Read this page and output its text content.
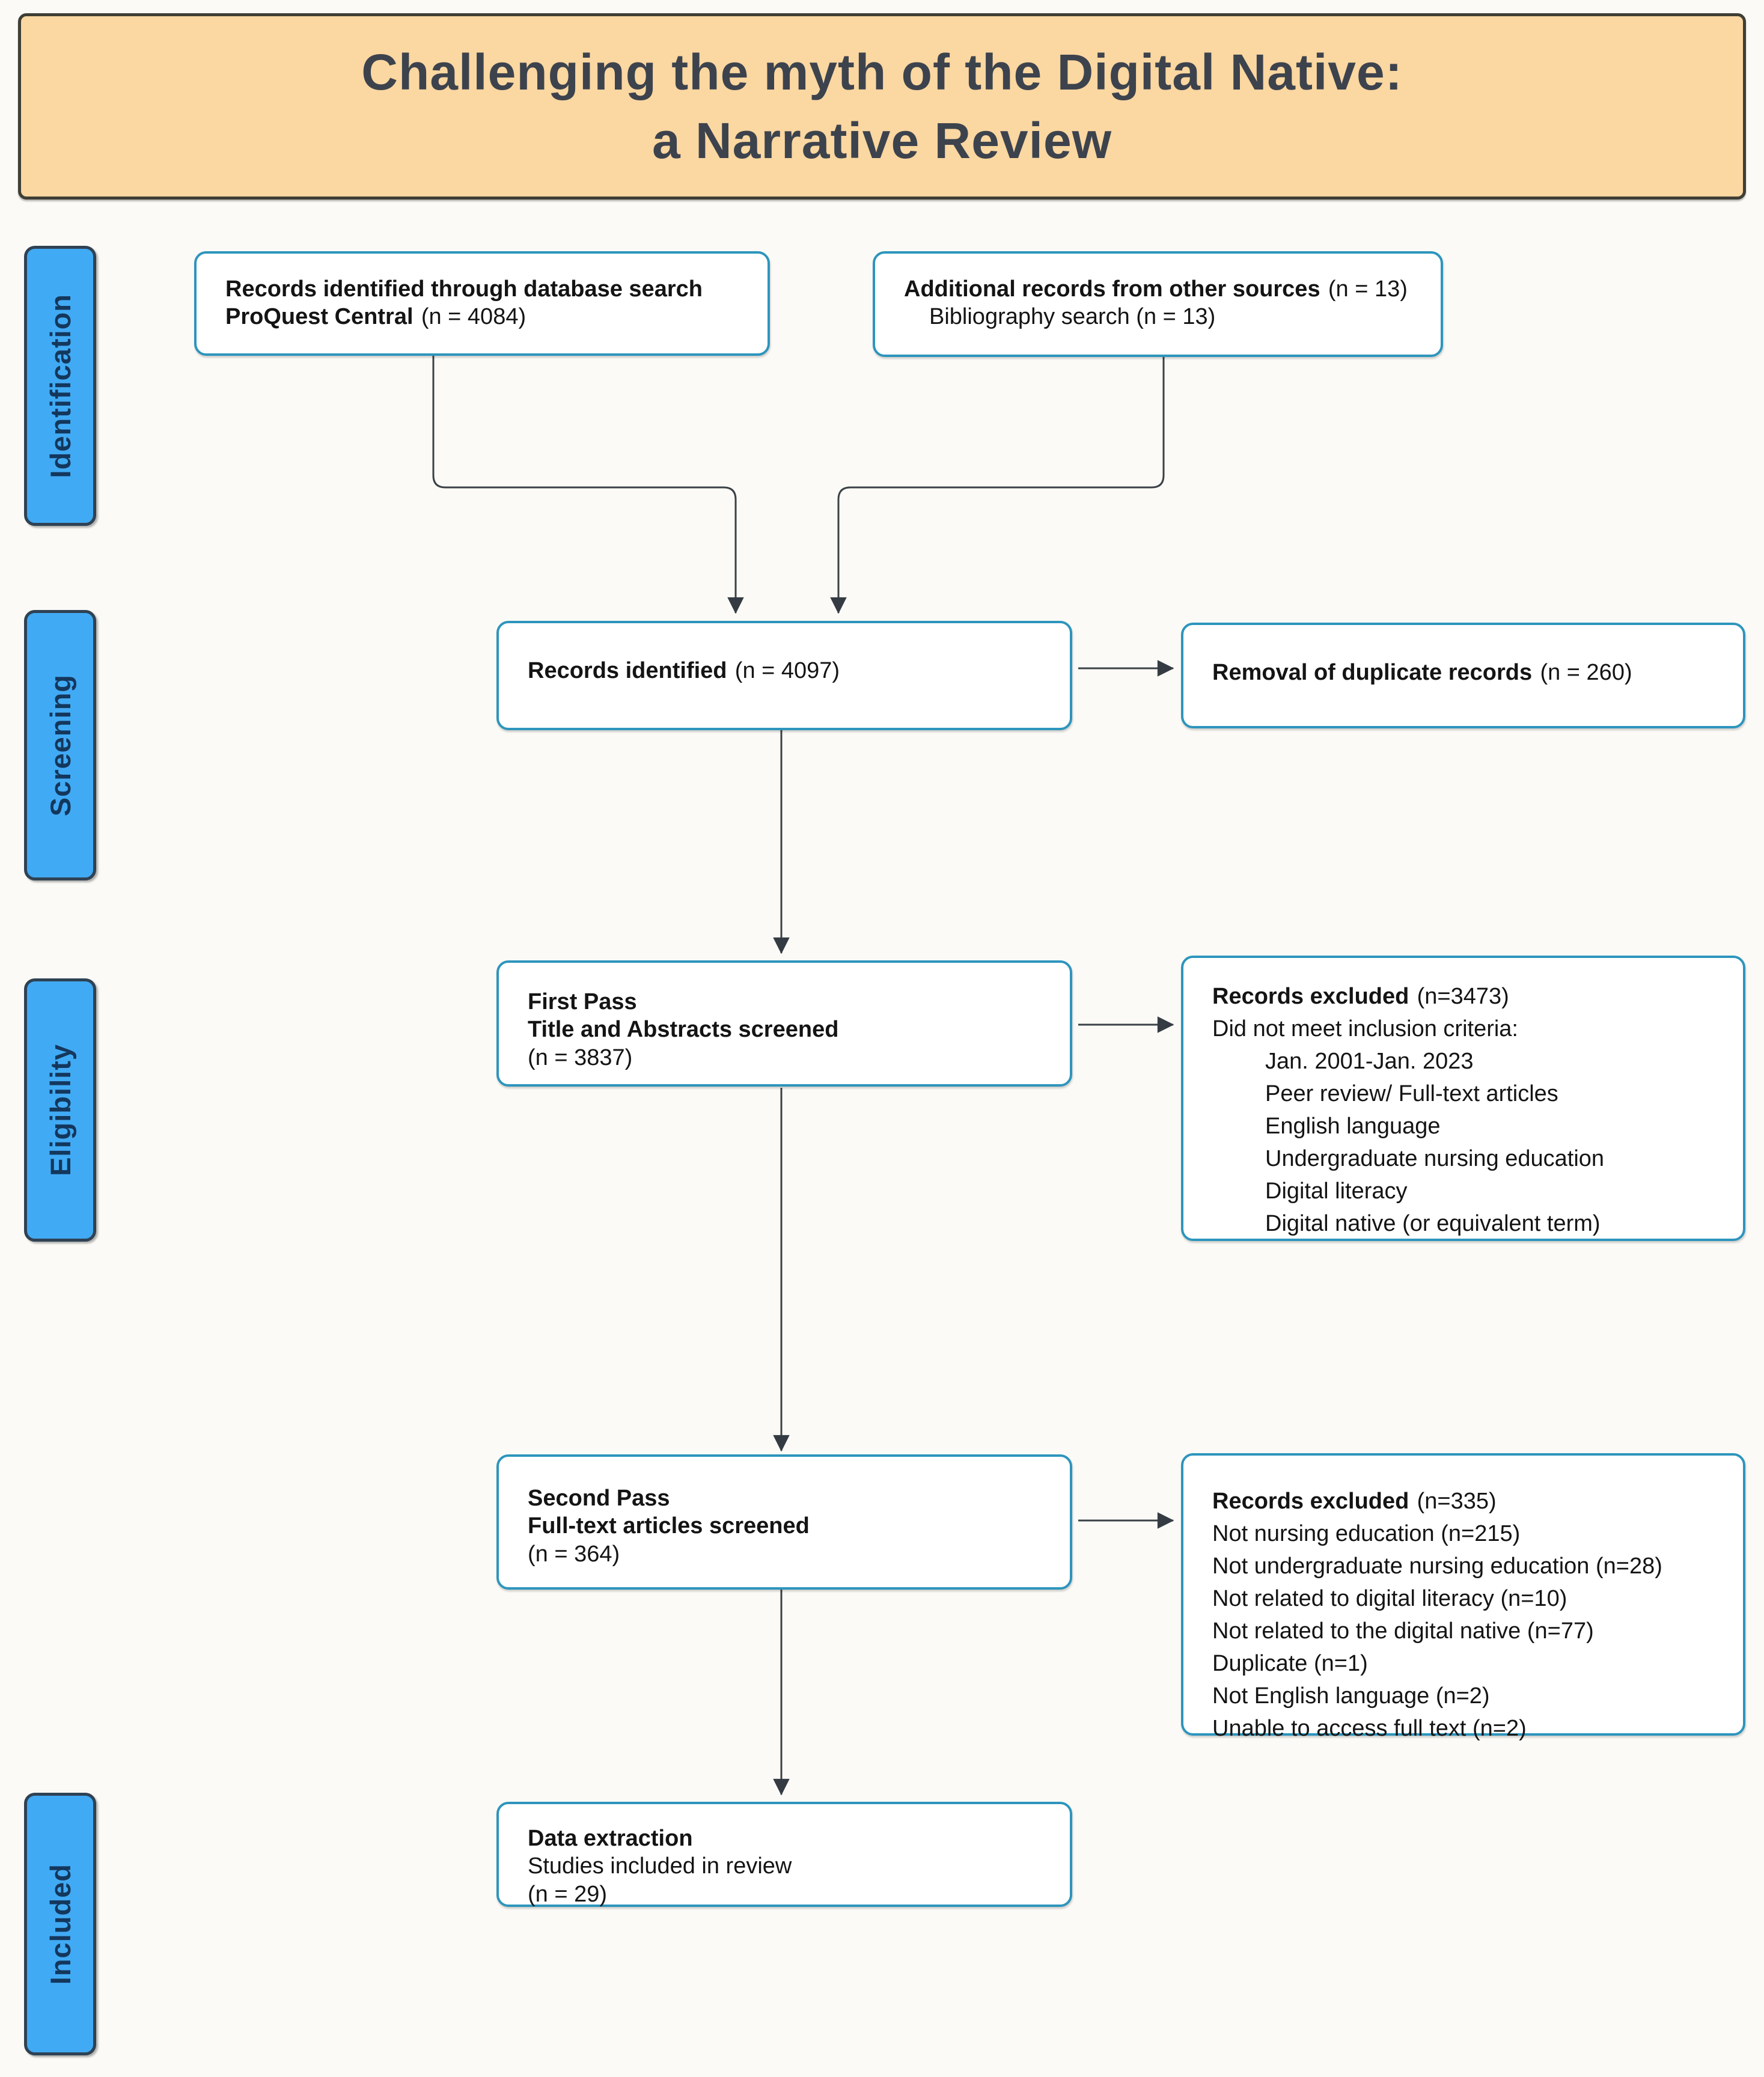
Challenging the myth of the Digital Native:
a Narrative Review
Identification
Screening
Eligibility
Included
Records identified through database search
ProQuest Central (n = 4084)
Additional records from other sources (n = 13)
Bibliography search (n = 13)
Records identified (n = 4097)	Removal of duplicate records (n = 260)
First Pass
Title and Abstracts screened
(n = 3837)
Records excluded (n=3473)
Did not meet inclusion criteria:
Jan. 2001-Jan. 2023
Peer review/ Full-text articles
English language
Undergraduate nursing education
Digital literacy
Digital native (or equivalent term)
Second Pass
Full-text articles screened
(n = 364)
Records excluded (n=335)
Not nursing education (n=215)
Not undergraduate nursing education (n=28)
Not related to digital literacy (n=10)
Not related to the digital native (n=77)
Duplicate (n=1)
Not English language (n=2)
Unable to access full text (n=2)
Data extraction
Studies included in review
(n = 29)
